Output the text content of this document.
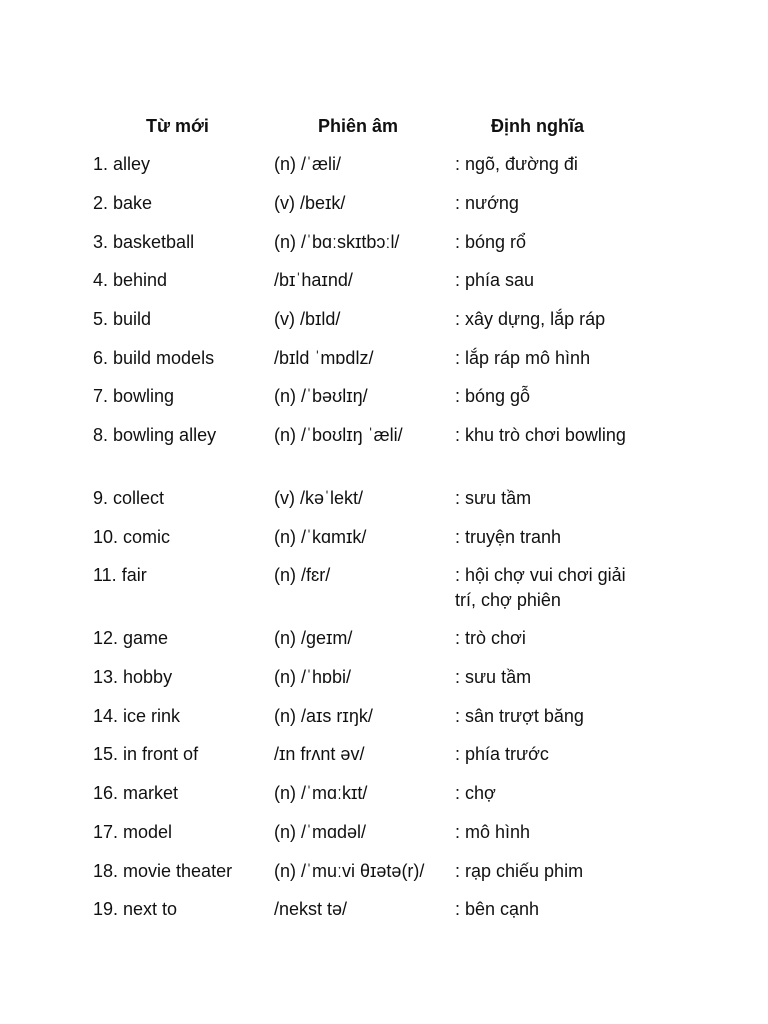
Từ mới	Phiên âm	Định nghĩa
1. alley	(n) /ˈæli/	: ngõ, đường đi
2. bake	(v) /beɪk/	: nướng
3. basketball	(n) /ˈbɑːskɪtbɔːl/	: bóng rổ
4. behind	/bɪˈhaɪnd/	: phía sau
5. build	(v) /bɪld/	: xây dựng, lắp ráp
6. build models	/bɪld ˈmɒdlz/	: lắp ráp mô hình
7. bowling	(n) /ˈbəʊlɪŋ/	: bóng gỗ
8. bowling alley	(n) /ˈboʊlɪŋ ˈæli/	: khu trò chơi bowling
9. collect	(v) /kəˈlekt/	: sưu tầm
10. comic	(n) /ˈkɑmɪk/	: truyện tranh
11. fair	(n) /fɛr/	: hội chợ vui chơi giải trí, chợ phiên
12. game	(n) /geɪm/	: trò chơi
13. hobby	(n) /ˈhɒbi/	: sưu tầm
14. ice rink	(n) /aɪs rɪŋk/	: sân trượt băng
15. in front of	/ɪn frʌnt əv/	: phía trước
16. market	(n) /ˈmɑːkɪt/	: chợ
17. model	(n) /ˈmɑdəl/	: mô hình
18. movie theater	(n) /ˈmuːvi θɪətə(r)/	: rạp chiếu phim
19. next to	/nekst tə/	: bên cạnh
